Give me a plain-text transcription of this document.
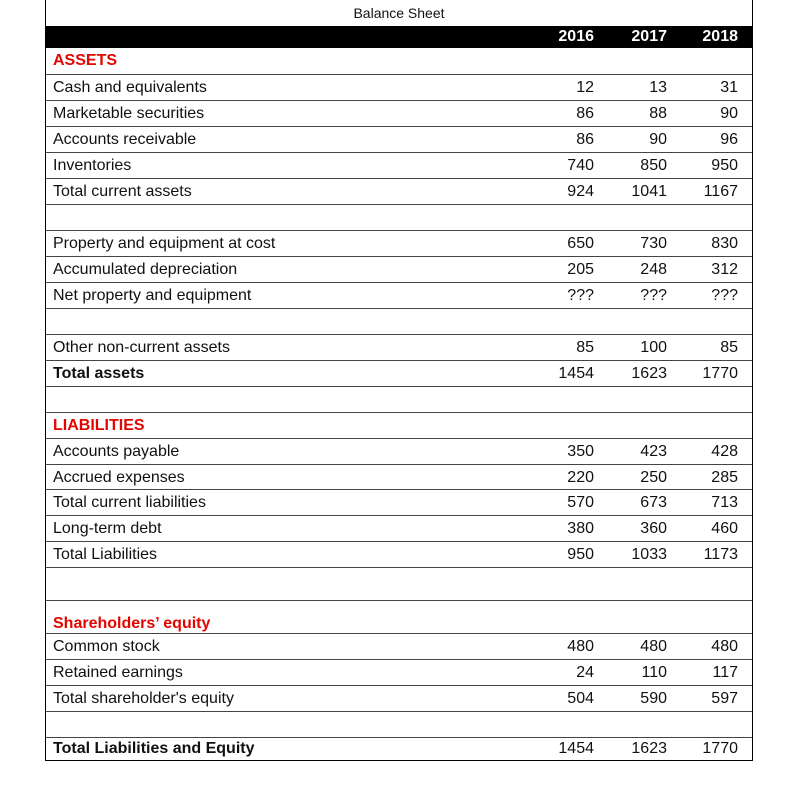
Balance Sheet
2016	2017	2018
ASSETS
Cash and equivalents	12	13	31
Marketable securities	86	88	90
Accounts receivable	86	90	96
Inventories	740	850	950
Total current assets	924	1041	1167
Property and equipment at cost	650	730	830
Accumulated depreciation	205	248	312
Net property and equipment	???	???	???
Other non-current assets	85	100	85
Total assets	1454	1623	1770
LIABILITIES
Accounts payable	350	423	428
Accrued expenses	220	250	285
Total current liabilities	570	673	713
Long-term debt	380	360	460
Total Liabilities	950	1033	1173
Shareholders’ equity
Common stock	480	480	480
Retained earnings	24	110	117
Total shareholder's equity	504	590	597
Total Liabilities and Equity	1454	1623	1770
